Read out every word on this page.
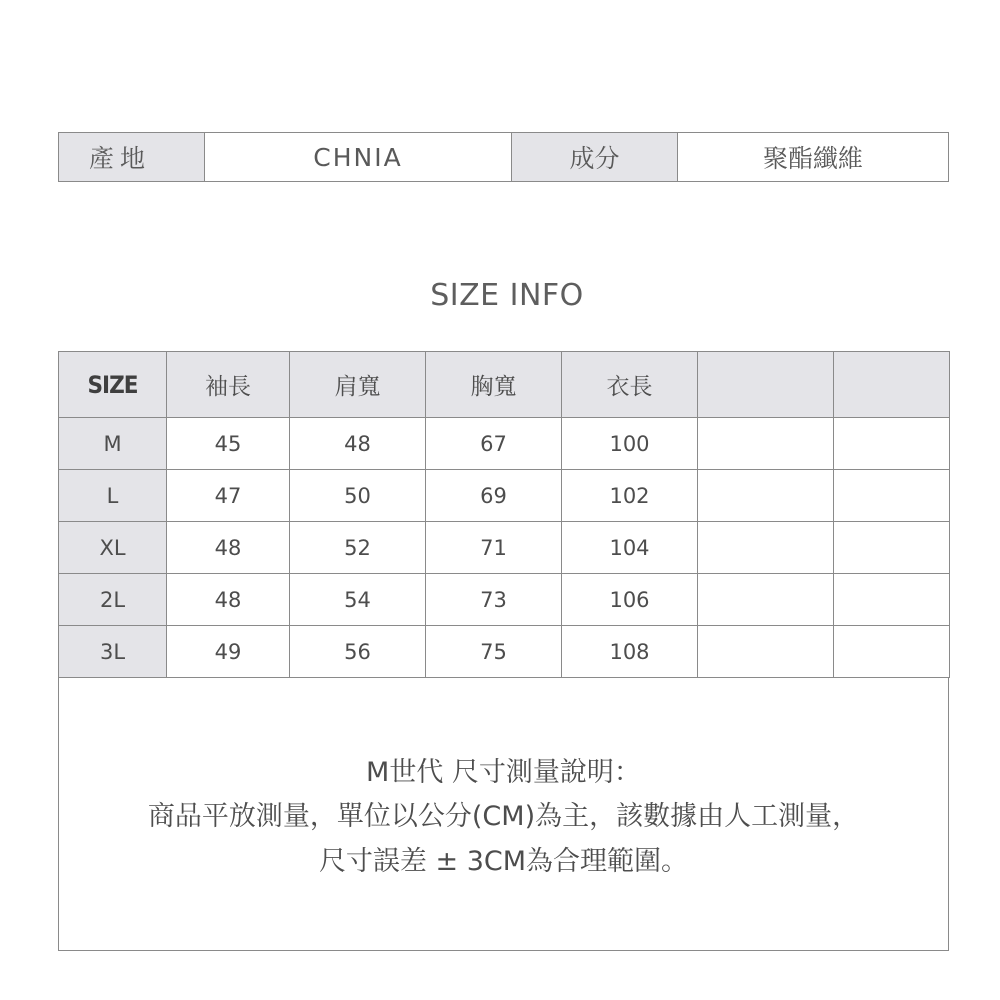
產地	CHNIA	成分	聚酯纖維
SIZE INFO
SIZE	袖長	肩寬	胸寬	衣長		
M	45	48	67	100		
L	47	50	69	102		
XL	48	52	71	104		
2L	48	54	73	106		
3L	49	56	75	108		
M世代 尺寸測量說明：
商品平放測量，單位以公分(CM)為主，該數據由人工測量，
尺寸誤差 ± 3CM為合理範圍。
